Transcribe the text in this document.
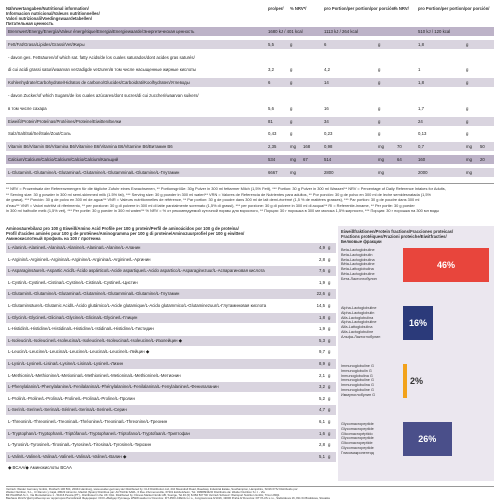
Nährwertangaben/Nutritional information/
Informacion nutricional/Valeurs nutritionnelles/
Valori nutrizionali/Voedingswaardetabellen/
Питательная ценность
pro/per/ % NRV*/	pro Portion/per portion/por porción/
% NRV/ pro Portion/per portion/por porción/
Brennwert/Energy/Energía/Valeur énergétique/Energia/Energiewaarde/Энергетическая ценность	1680 kJ / 401 kcal	1113 kJ / 264 kcal	510 kJ / 120 kcal
Fett/Fat/Grasa/Lipides/Grassi/Vet/Жиры	5,5	g	6	g	1,8	g
- davon ges. Fettsäuren/of which sat. fatty Acids/de los cuales saturados/dont acides gras saturés/
di cui acidi grassi saturi/waarvan verzadigde vetzuren/в том числе насыщенные жирные кислоты	3,2	g	4,2	g	1	g
Kohlenhydrate/Carbohydrate/Hidratos de carbono/Glucides/Carboidrati/Koolhydraten/Углеводы	6	g	14	g	1,8	g
- davon Zucker/of which Sugars/de los cuales azúcares/dont sucres/di cui zuccheri/waarvan suikers/
в том числе сахара	5,6	g	16	g	1,7	g
Eiweiß/Protein/Proteínas/Protéines/Proteine/Eiwitten/Белки	81	g	34	g	24	g
Salz/Salt/Sal/Sel/Sale/Zout/Соль	0,43	g	0,23	g	0,13	g
Vitamin B6/Vitamin B6/Vitamina B6/Vitamine B6/Vitamina B6/Vitamine B6/Витамин B6	2,35	mg	168	0,98	mg	70	0,7	mg	50
Calcium/Calcium/Calcio/Calcium/Calcio/Calcium/Кальций	534	mg	67	514	mg	64	160	mg	20
L-Glutamin/L-Glutamine/L-Glutamina/L-Glutamine/L-Glutammina/L-Glutamine/L-Глутамин	6667	mg	2800	mg	2000	mg
** NRV = Prozentsatz der Referenzmengen für die tägliche Zufuhr eines Erwachsenen, ** Portionsgröße: 30g Pulver in 300 ml fettarmer Milch (1,5% Fett), *** Portion: 30 g Pulver in 300 ml Wasser/** NRV = Percentage of Daily Reference Intakes for Adults,
** Serving size: 30 g powder in 300 ml semi-skimmed milk (1.5% fat), *** Serving size: 30 g powder in 300 ml water/** VRN = Valores de Referencia de Nutrientes para adultos, ** Por porción: 30 g de polvo en 300 ml de leche semidesnatada (1,5%
de grasa), *** Porción: 30 g de polvo en 300 ml de agua/** VNR = Valeurs nutritionnelles de référence, ** Par portion: 30 g de poudre dans 300 ml de lait demi-écrémé (1,5 % de matières grasses), *** Par portion: 30 g de poudre dans 300 ml
d'eau/** VNR = Valori nutritivi di riferimento, ** per porzione: 30 g di polvere in 300 ml di latte parzialmente scremato (1,5% di grassi), *** per porzione: 30 g di polvere in 300 ml di acqua/** RI = Referentie-inname, ** Per portie: 30 g poeder
in 300 ml halfvolle melk (1,5% vet), *** Per portie: 30 g poeder in 300 ml water/** % NRV = % от рекомендуемой суточной нормы для взрослого, ** Порция: 30 г порошка в 300 мл молока 1,5% жирности, *** Порция: 30 г порошка на 300 мл воды
Aminosäurebilanz pro 100 g Eiweiß/Amino Acid Profile per 100 g protein/Perfil de aminoácidos por 100 g de proteína/
Profil d'acides aminés pour 100 g de protéines/Aminogramma per 100 g di proteine/Aminozuurprofiel per 100 g eiwitten/
Аминокислотный профиль на 100 г протеина
L-Alanin/L-Alanine/L-Alanina/L-Alanine/L-Alanina/L-Alanine/L-Аланин	4,9 g
L-Arginin/L-Arginine/L-Arginina/L-Arginine/L-Arginina/L-Arginine/L-Аргинин	2,8 g
L-Asparaginsäure/L-Aspartic Acid/L-Ácido aspártico/L-Acide aspartique/L-Acido aspartico/L-Asparaginezuur/L-Аспарагиновая кислота	7,6 g
L-Cystin/L-Cystine/L-Cistina/L-Cystine/L-Cistina/L-Cystine/L-Цистин	1,9 g
L-Glutamin/L-Glutamine/L-Glutamina/L-Glutamine/L-Glutammina/L-Glutamine/L-Глутамин	22,6 g
L-Glutaminsäure/L-Glutamic Acid/L-Ácido glutámico/L-Acide glutamique/L-Acido glutammico/L-Glutaminezuur/L-Глутаминовая кислота	14,5 g
L-Glycin/L-Glycine/L-Glicina/L-Glycine/L-Glicina/L-Glycine/L-Глицин	1,8 g
L-Histidin/L-Histidine/L-Histidina/L-Histidine/L-Istidina/L-Histidine/L-Гистидин	1,9 g
L-Isoleucin/L-Isoleucine/L-Isoleucina/L-Isoleucine/L-Isoleucina/L-Isoleucine/L-Изолейцин ◆	5,3 g
L-Leucin/L-Leucine/L-Leucina/L-Leucine/L-Leucina/L-Leucine/L-Лейцин ◆	9,7 g
L-Lysin/L-Lysine/L-Lisina/L-Lysine/L-Lisina/L-Lysine/L-Лизин	8,9 g
L-Methionin/L-Methionine/L-Metionina/L-Methionine/L-Metionina/L-Methionine/L-Метионин	2,1 g
L-Phenylalanin/L-Phenylalanine/L-Fenilalanina/L-Phénylalanine/L-Fenilalanina/L-Fenylalanine/L-Фенилаланин	3,2 g
L-Prolin/L-Proline/L-Prolina/L-Proline/L-Prolina/L-Proline/L-Пролин	5,2 g
L-Serin/L-Serine/L-Serina/L-Sérine/L-Serina/L-Serine/L-Серин	4,7 g
L-Threonin/L-Threonine/L-Treonina/L-Thréonine/L-Treonina/L-Threonine/L-Треонин	6,1 g
L-Tryptophan/L-Tryptophan/L-Triptófano/L-Tryptophane/L-Triptofano/L-Tryptofaan/L-Триптофан	1,6 g
L-Tyrosin/L-Tyrosine/L-Tirosina/L-Tyrosine/L-Tirosina/L-Tyrosine/L-Тирозин	2,8 g
L-Valin/L-Valine/L-Valina/L-Valine/L-Valina/L-Valine/L-Валин ◆	5,1 g
◆ BCAA/◆ Аминокислоты ВСАА
Eiweißfraktionen/Protein fractions/Fracciones proteicas/
Fractions protéiques/Frazioni proteiche/Eiwitfracties/
Белковые фракции
Beta-Lactoglobuline
Beta-Lactoglobulin
Beta-Lactoglobulina
Bêta-Lactoglobuline
Beta-Lattoglobulina
Bèta-Lactoglobuline
Бета-Лактоглобулин
46%
Alpha-Lactoglobuline
Alpha-Lactoglobulin
Alfa-Lactoglobulina
Alpha-Lactoglobuline
Alfa-Lattoglobulina
Alfa-Lactoglobuline
Альфа-Лактоглобулин
16%
Immunoglobuline G
Immunoglobulin G
Inmunoglobulina G
Immunoglobuline G
Immunoglobulina G
Immunoglobuline G
Иммуноглобулин G
2%
Glycomacropeptide
Glycomacropeptide
Glicomacropéptido
Glycomacropeptide
Glicomacropeptide
Glycomacropeptide
Гликомакропептид
26%
Vertrieb: Weider Germany GmbH, Postfach 106 564, 20044 Hamburg, www.weider-germany.de/ Distributed by: CLF Distribution Ltd, 210 Maundrell Road, Raedway Industrial Estate, Southampton, Hampshire, SO16 0YS/ Distribuido por:
Weider Nutrition, S.L., C/ Ramón y Cajal, 28023 Alcorcón, Madrid (Spain)/ Distribué par: ACTILIFE SARL, 6 Rue d'Armenonville, 67201 Eckbolsheim, Tél. 0386893420/ Distribuito da: Weider Nutrition S.r.l. - Via
BF PHARMA S.r.l., Via Montefalcone 1 - 51016 Pescia (PT) - Distributed in the UK: Dist. Distributed by: Fitness Market Nordic AB, Sverige, Tel 46 (0) 8-684 507 50/ Vertrieb Schweiz: Weirsport Nutrition GmbH, Tricon 8001
Bauhaus Zürich/ Дистрибьютор на территории Российской Федерации: ООО «Вейдер Русланд» WWW.weider.ru/ Dovozce: FIT-PRO-CZECH s.r.o., Jungmannova 6/1016, 19000 Praha 9/ Dovozca: FIT PLUS s.r.o., Štefánikova 16, 811 04 Bratislava, Slovakia
